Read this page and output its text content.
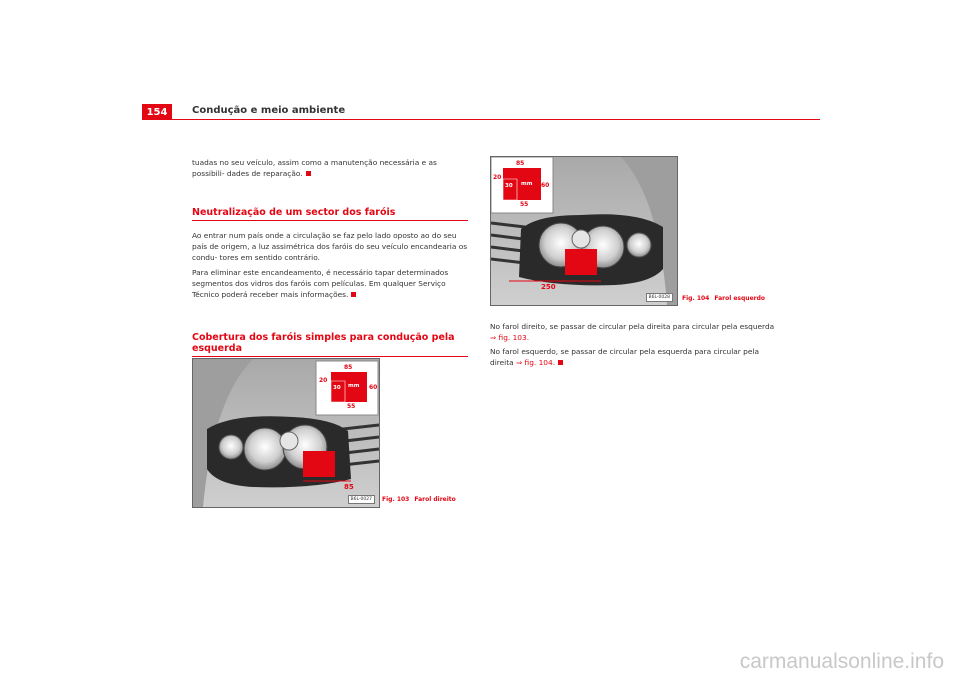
154	Condução e meio ambiente
tuadas no seu veículo, assim como a manutenção necessária e as possibili- dades de reparação.
Neutralização de um sector dos faróis
Ao entrar num país onde a circulação se faz pelo lado oposto ao do seu país de origem, a luz assimétrica dos faróis do seu veículo encandearia os condu- tores em sentido contrário.
Para eliminar este encandeamento, é necessário tapar determinados segmentos dos vidros dos faróis com películas. Em qualquer Serviço Técnico poderá receber mais informações.
Cobertura dos faróis simples para condução pela esquerda
85
20
30 mm 60
55
85
B6L-0027	Fig. 103 Farol direito
85
20
30 mm 60
55
250
B6L-0028	Fig. 104 Farol esquerdo
No farol direito, se passar de circular pela direita para circular pela esquerda
⇒ fig. 103.
No farol esquerdo, se passar de circular pela esquerda para circular pela direita ⇒ fig. 104.
carmanualsonline.info
